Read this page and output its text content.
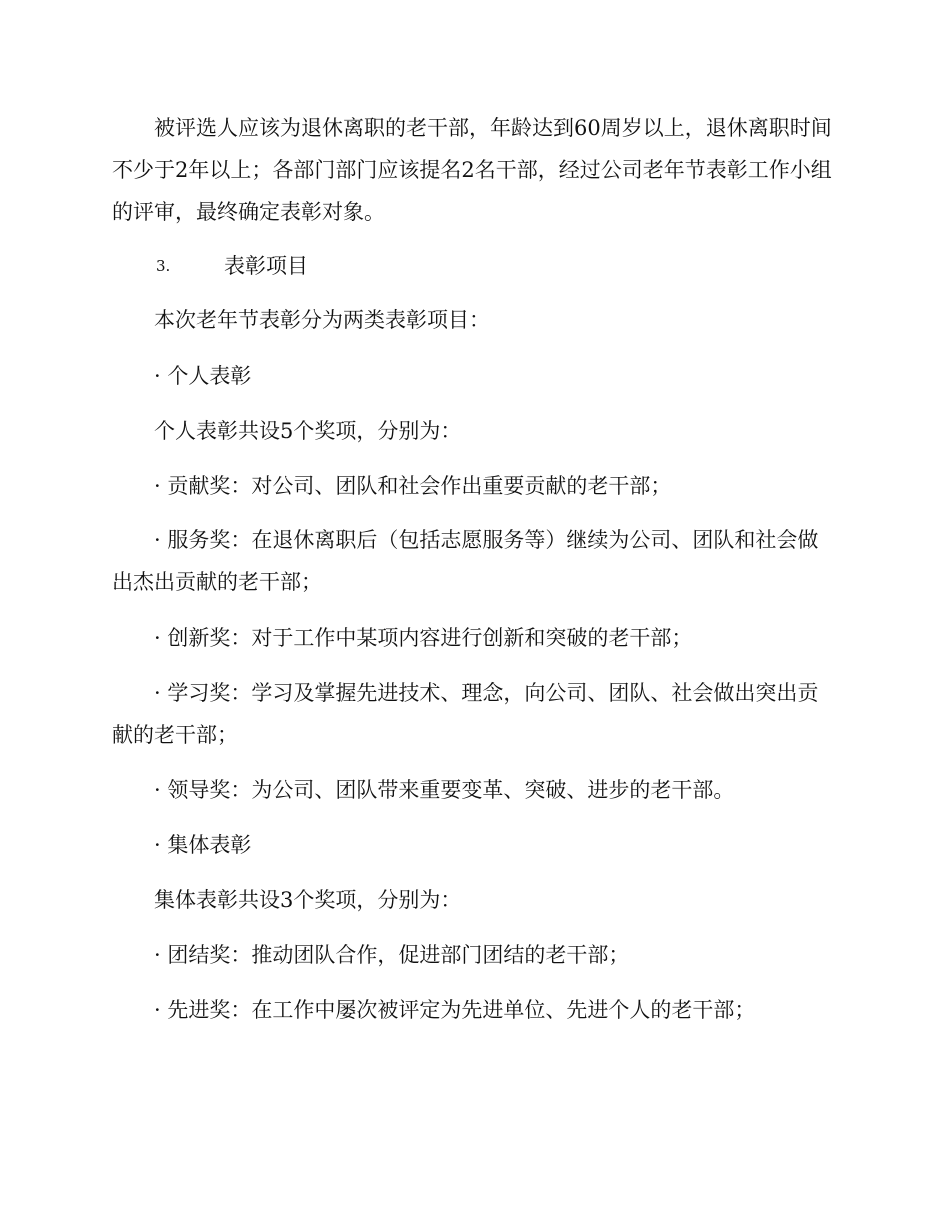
被评选人应该为退休离职的老干部，年龄达到60周岁以上，退休离职时间不少于2年以上；各部门部门应该提名2名干部，经过公司老年节表彰工作小组的评审，最终确定表彰对象。

3.	表彰项目

本次老年节表彰分为两类表彰项目：

· 个人表彰

个人表彰共设5个奖项，分别为：

· 贡献奖：对公司、团队和社会作出重要贡献的老干部；

· 服务奖：在退休离职后（包括志愿服务等）继续为公司、团队和社会做出杰出贡献的老干部；

· 创新奖：对于工作中某项内容进行创新和突破的老干部；

· 学习奖：学习及掌握先进技术、理念，向公司、团队、社会做出突出贡献的老干部；

· 领导奖：为公司、团队带来重要变革、突破、进步的老干部。

· 集体表彰

集体表彰共设3个奖项，分别为：

· 团结奖：推动团队合作，促进部门团结的老干部；

· 先进奖：在工作中屡次被评定为先进单位、先进个人的老干部；
